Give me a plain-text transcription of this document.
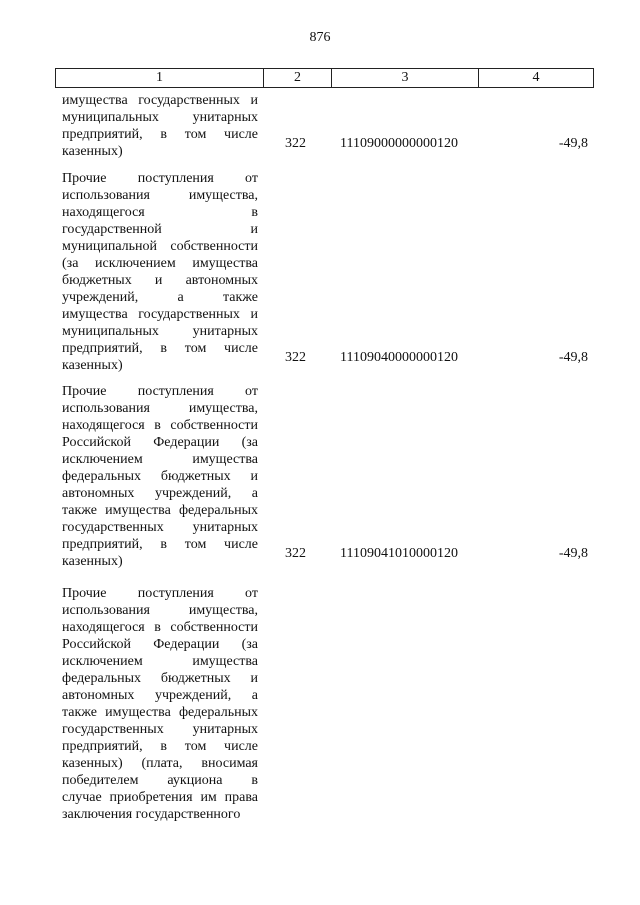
876
1	2	3	4
имущества государственных и
муниципальных унитарных
предприятий, в том числе
казенных)
322 11109000000000120	-49,8
Прочие поступления от
использования имущества,
находящегося в
государственной и
муниципальной собственности
(за исключением имущества
бюджетных и автономных
учреждений, а также
имущества государственных и
муниципальных унитарных
предприятий, в том числе
казенных)
322 11109040000000120	-49,8
Прочие поступления от
использования имущества,
находящегося в собственности
Российской Федерации (за
исключением имущества
федеральных бюджетных и
автономных учреждений, а
также имущества федеральных
государственных унитарных
предприятий, в том числе
казенных)
322 11109041010000120	-49,8
Прочие поступления от
использования имущества,
находящегося в собственности
Российской Федерации (за
исключением имущества
федеральных бюджетных и
автономных учреждений, а
также имущества федеральных
государственных унитарных
предприятий, в том числе
казенных) (плата, вносимая
победителем аукциона в
случае приобретения им права
заключения государственного
